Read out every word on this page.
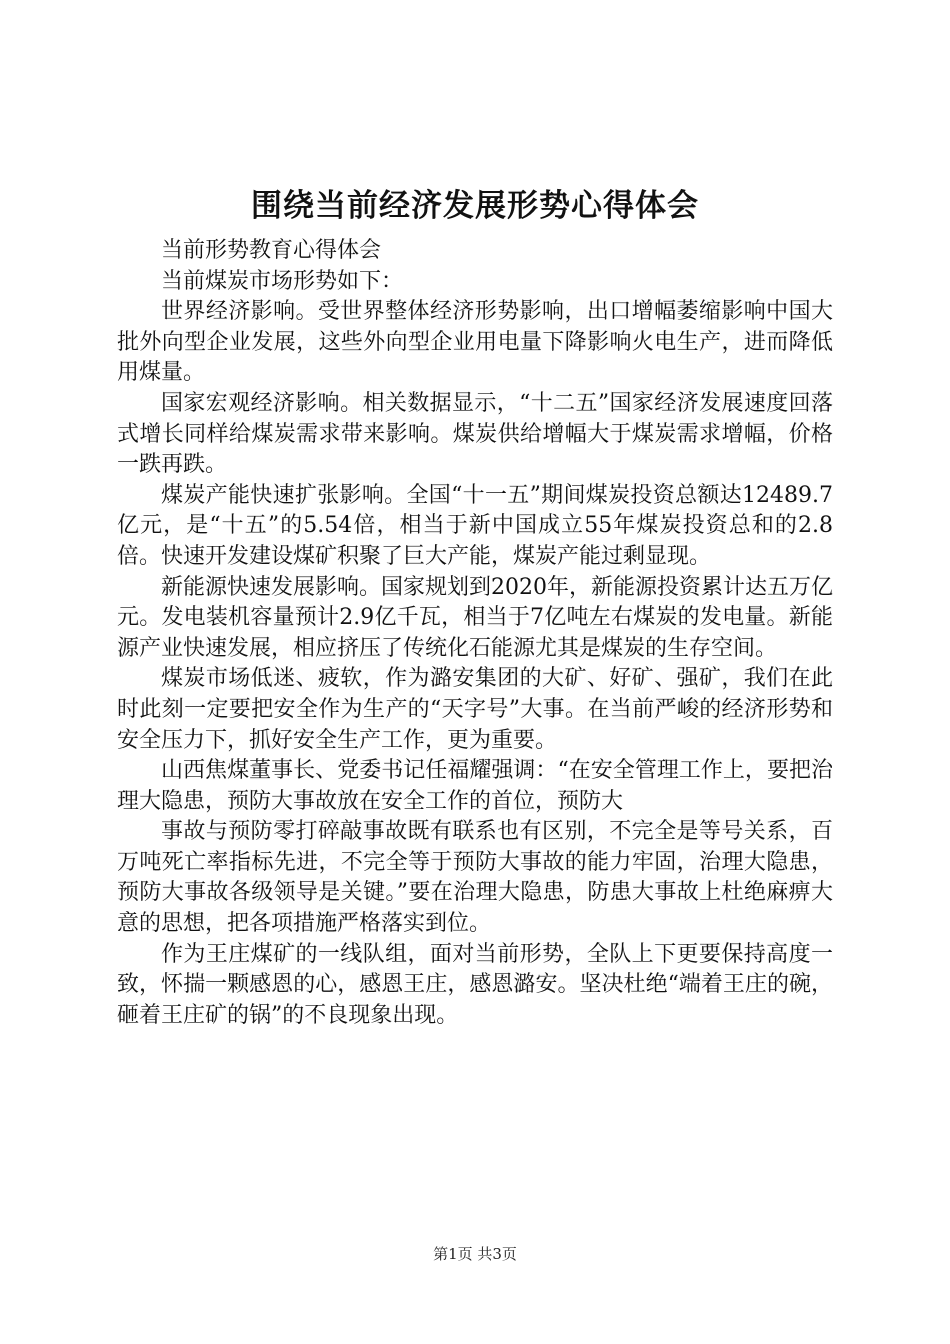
围绕当前经济发展形势心得体会

当前形势教育心得体会

当前煤炭市场形势如下：

世界经济影响。受世界整体经济形势影响，出口增幅萎缩影响中国大批外向型企业发展，这些外向型企业用电量下降影响火电生产，进而降低用煤量。

国家宏观经济影响。相关数据显示，“十二五”国家经济发展速度回落式增长同样给煤炭需求带来影响。煤炭供给增幅大于煤炭需求增幅，价格一跌再跌。

煤炭产能快速扩张影响。全国“十一五”期间煤炭投资总额达12489.7亿元，是“十五”的5.54倍，相当于新中国成立55年煤炭投资总和的2.8倍。快速开发建设煤矿积聚了巨大产能，煤炭产能过剩显现。

新能源快速发展影响。国家规划到2020年，新能源投资累计达五万亿元。发电装机容量预计2.9亿千瓦，相当于7亿吨左右煤炭的发电量。新能源产业快速发展，相应挤压了传统化石能源尤其是煤炭的生存空间。

煤炭市场低迷、疲软，作为潞安集团的大矿、好矿、强矿，我们在此时此刻一定要把安全作为生产的“天字号”大事。在当前严峻的经济形势和安全压力下，抓好安全生产工作，更为重要。

山西焦煤董事长、党委书记任福耀强调：“在安全管理工作上，要把治理大隐患，预防大事故放在安全工作的首位，预防大

事故与预防零打碎敲事故既有联系也有区别，不完全是等号关系，百万吨死亡率指标先进，不完全等于预防大事故的能力牢固，治理大隐患，预防大事故各级领导是关键。”要在治理大隐患，防患大事故上杜绝麻痹大意的思想，把各项措施严格落实到位。

作为王庄煤矿的一线队组，面对当前形势，全队上下更要保持高度一致，怀揣一颗感恩的心，感恩王庄，感恩潞安。坚决杜绝“端着王庄的碗，砸着王庄矿的锅”的不良现象出现。

第1页 共3页
